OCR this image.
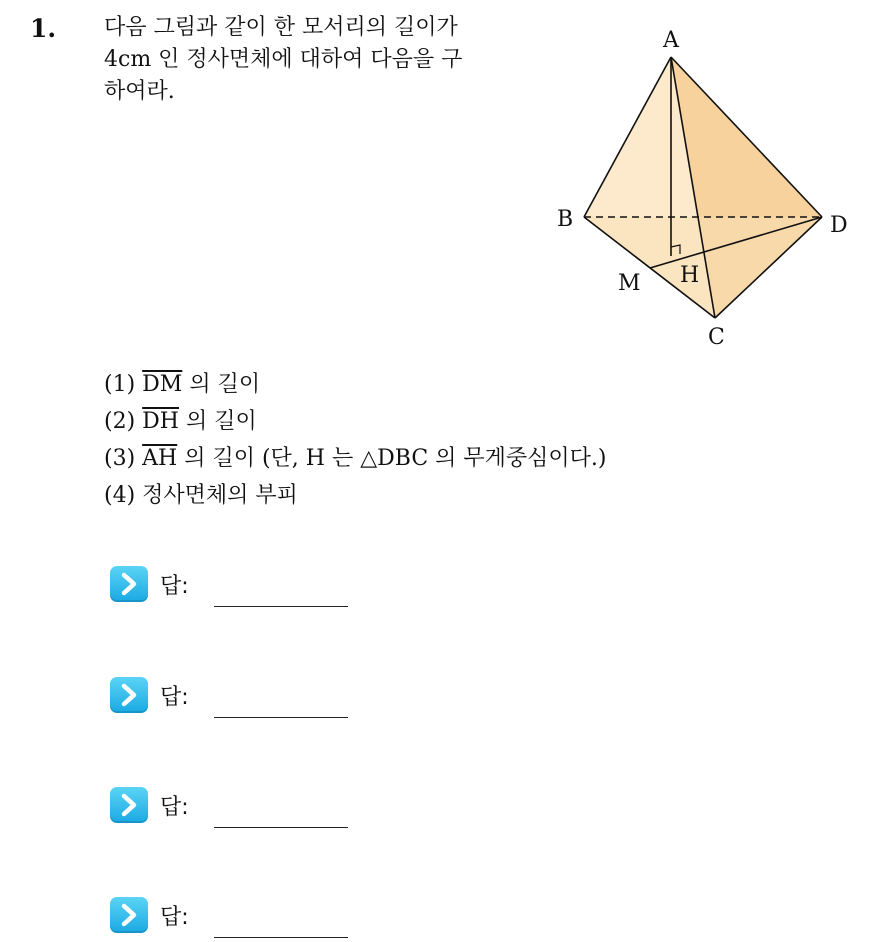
1. 다음 그림과 같이 한 모서리의 길이가
4cm 인 정사면체에 대하여 다음을 구
하여라.
A
B	D
M H
C
(1) $\overline{DM}$ 의 길이
(2) $\overline{DH}$ 의 길이
(3) $\overline{AH}$ 의 길이 (단, H 는 △DBC 의 무게중심이다.)
(4) 정사면체의 부피
답:
답:
답:
답:
